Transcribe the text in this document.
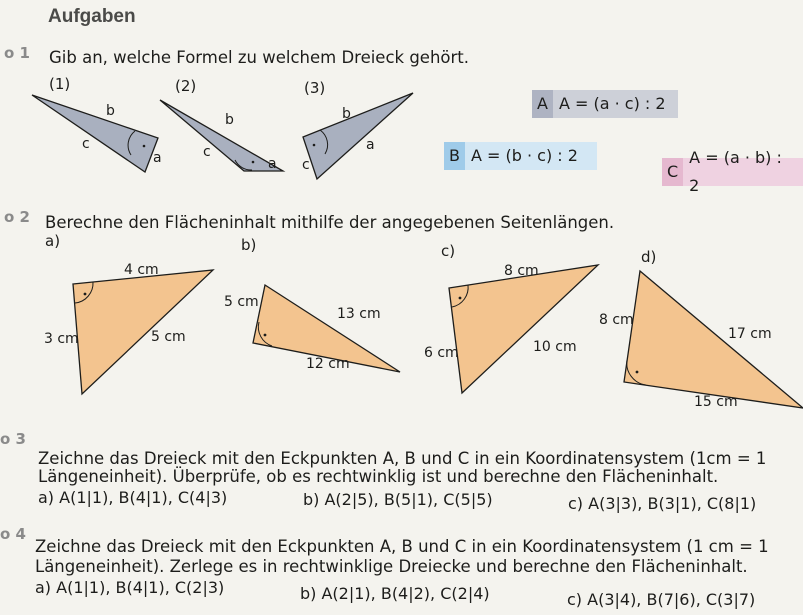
Aufgaben
o 1 Gib an, welche Formel zu welchem Dreieck gehört.
(1)	(2)	(3)
b
c
a
b
c
a
b
a
c
A A = (a · c) : 2
B A = (b · c) : 2
C
A = (a · b) : 2
o 2 Berechne den Flächeninhalt mithilfe der angegebenen Seitenlängen.
a)	b)	c)	d)
4 cm
3 cm	5 cm
5 cm
13 cm
12 cm
8 cm
6 cm	10 cm
8 cm
17 cm
15 cm
o 3
Zeichne das Dreieck mit den Eckpunkten A, B und C in ein Koordinatensystem (1cm = 1
Längeneinheit). Überprüfe, ob es rechtwinklig ist und berechne den Flächeninhalt.
a) A(1|1), B(4|1), C(4|3)	b) A(2|5), B(5|1), C(5|5)	c) A(3|3), B(3|1), C(8|1)
o 4
Zeichne das Dreieck mit den Eckpunkten A, B und C in ein Koordinatensystem (1 cm = 1
Längeneinheit). Zerlege es in rechtwinklige Dreiecke und berechne den Flächeninhalt.
a) A(1|1), B(4|1), C(2|3)	b) A(2|1), B(4|2), C(2|4)	c) A(3|4), B(7|6), C(3|7)
